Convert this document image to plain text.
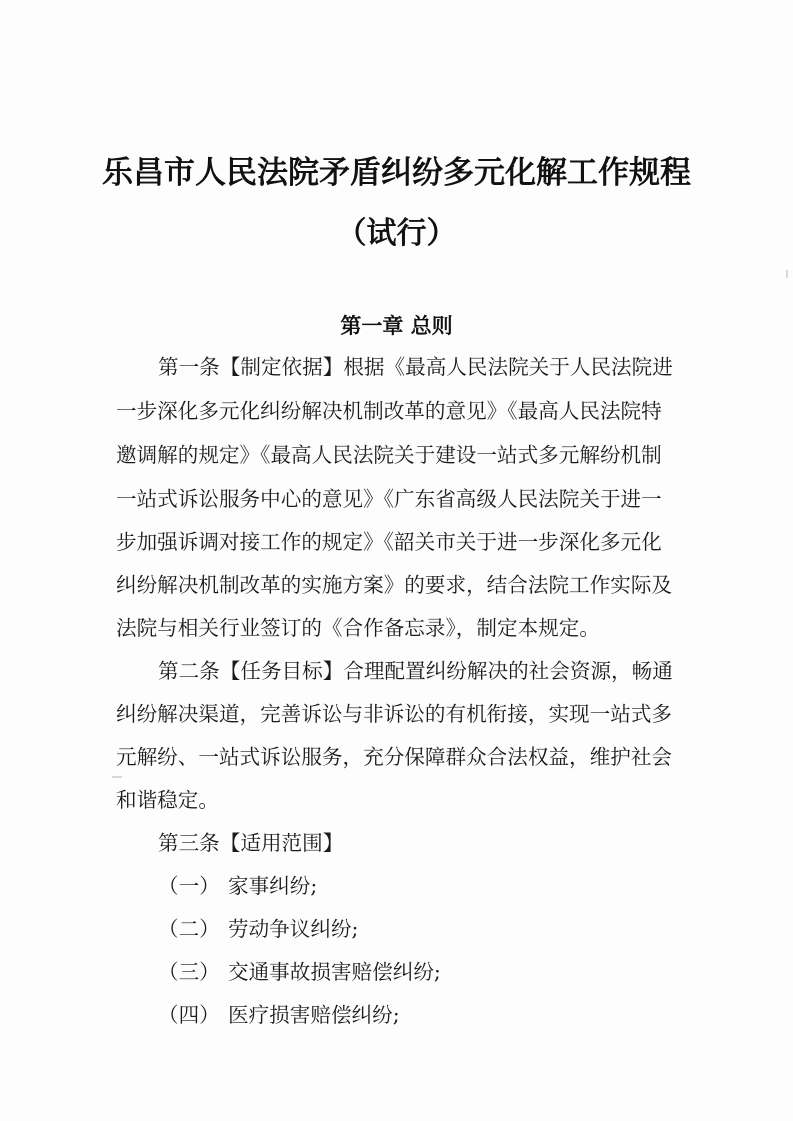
乐昌市人民法院矛盾纠纷多元化解工作规程
（试行）
第一章 总则
第一条【制定依据】根据《最高人民法院关于人民法院进
一步深化多元化纠纷解决机制改革的意见》《最高人民法院特
邀调解的规定》《最高人民法院关于建设一站式多元解纷机制
一站式诉讼服务中心的意见》《广东省高级人民法院关于进一
步加强诉调对接工作的规定》《韶关市关于进一步深化多元化
纠纷解决机制改革的实施方案》的要求，结合法院工作实际及
法院与相关行业签订的《合作备忘录》，制定本规定。
第二条【任务目标】合理配置纠纷解决的社会资源，畅通
纠纷解决渠道，完善诉讼与非诉讼的有机衔接，实现一站式多
元解纷、一站式诉讼服务，充分保障群众合法权益，维护社会
和谐稳定。
第三条【适用范围】
（一） 家事纠纷;
（二） 劳动争议纠纷;
（三） 交通事故损害赔偿纠纷;
（四） 医疗损害赔偿纠纷;
